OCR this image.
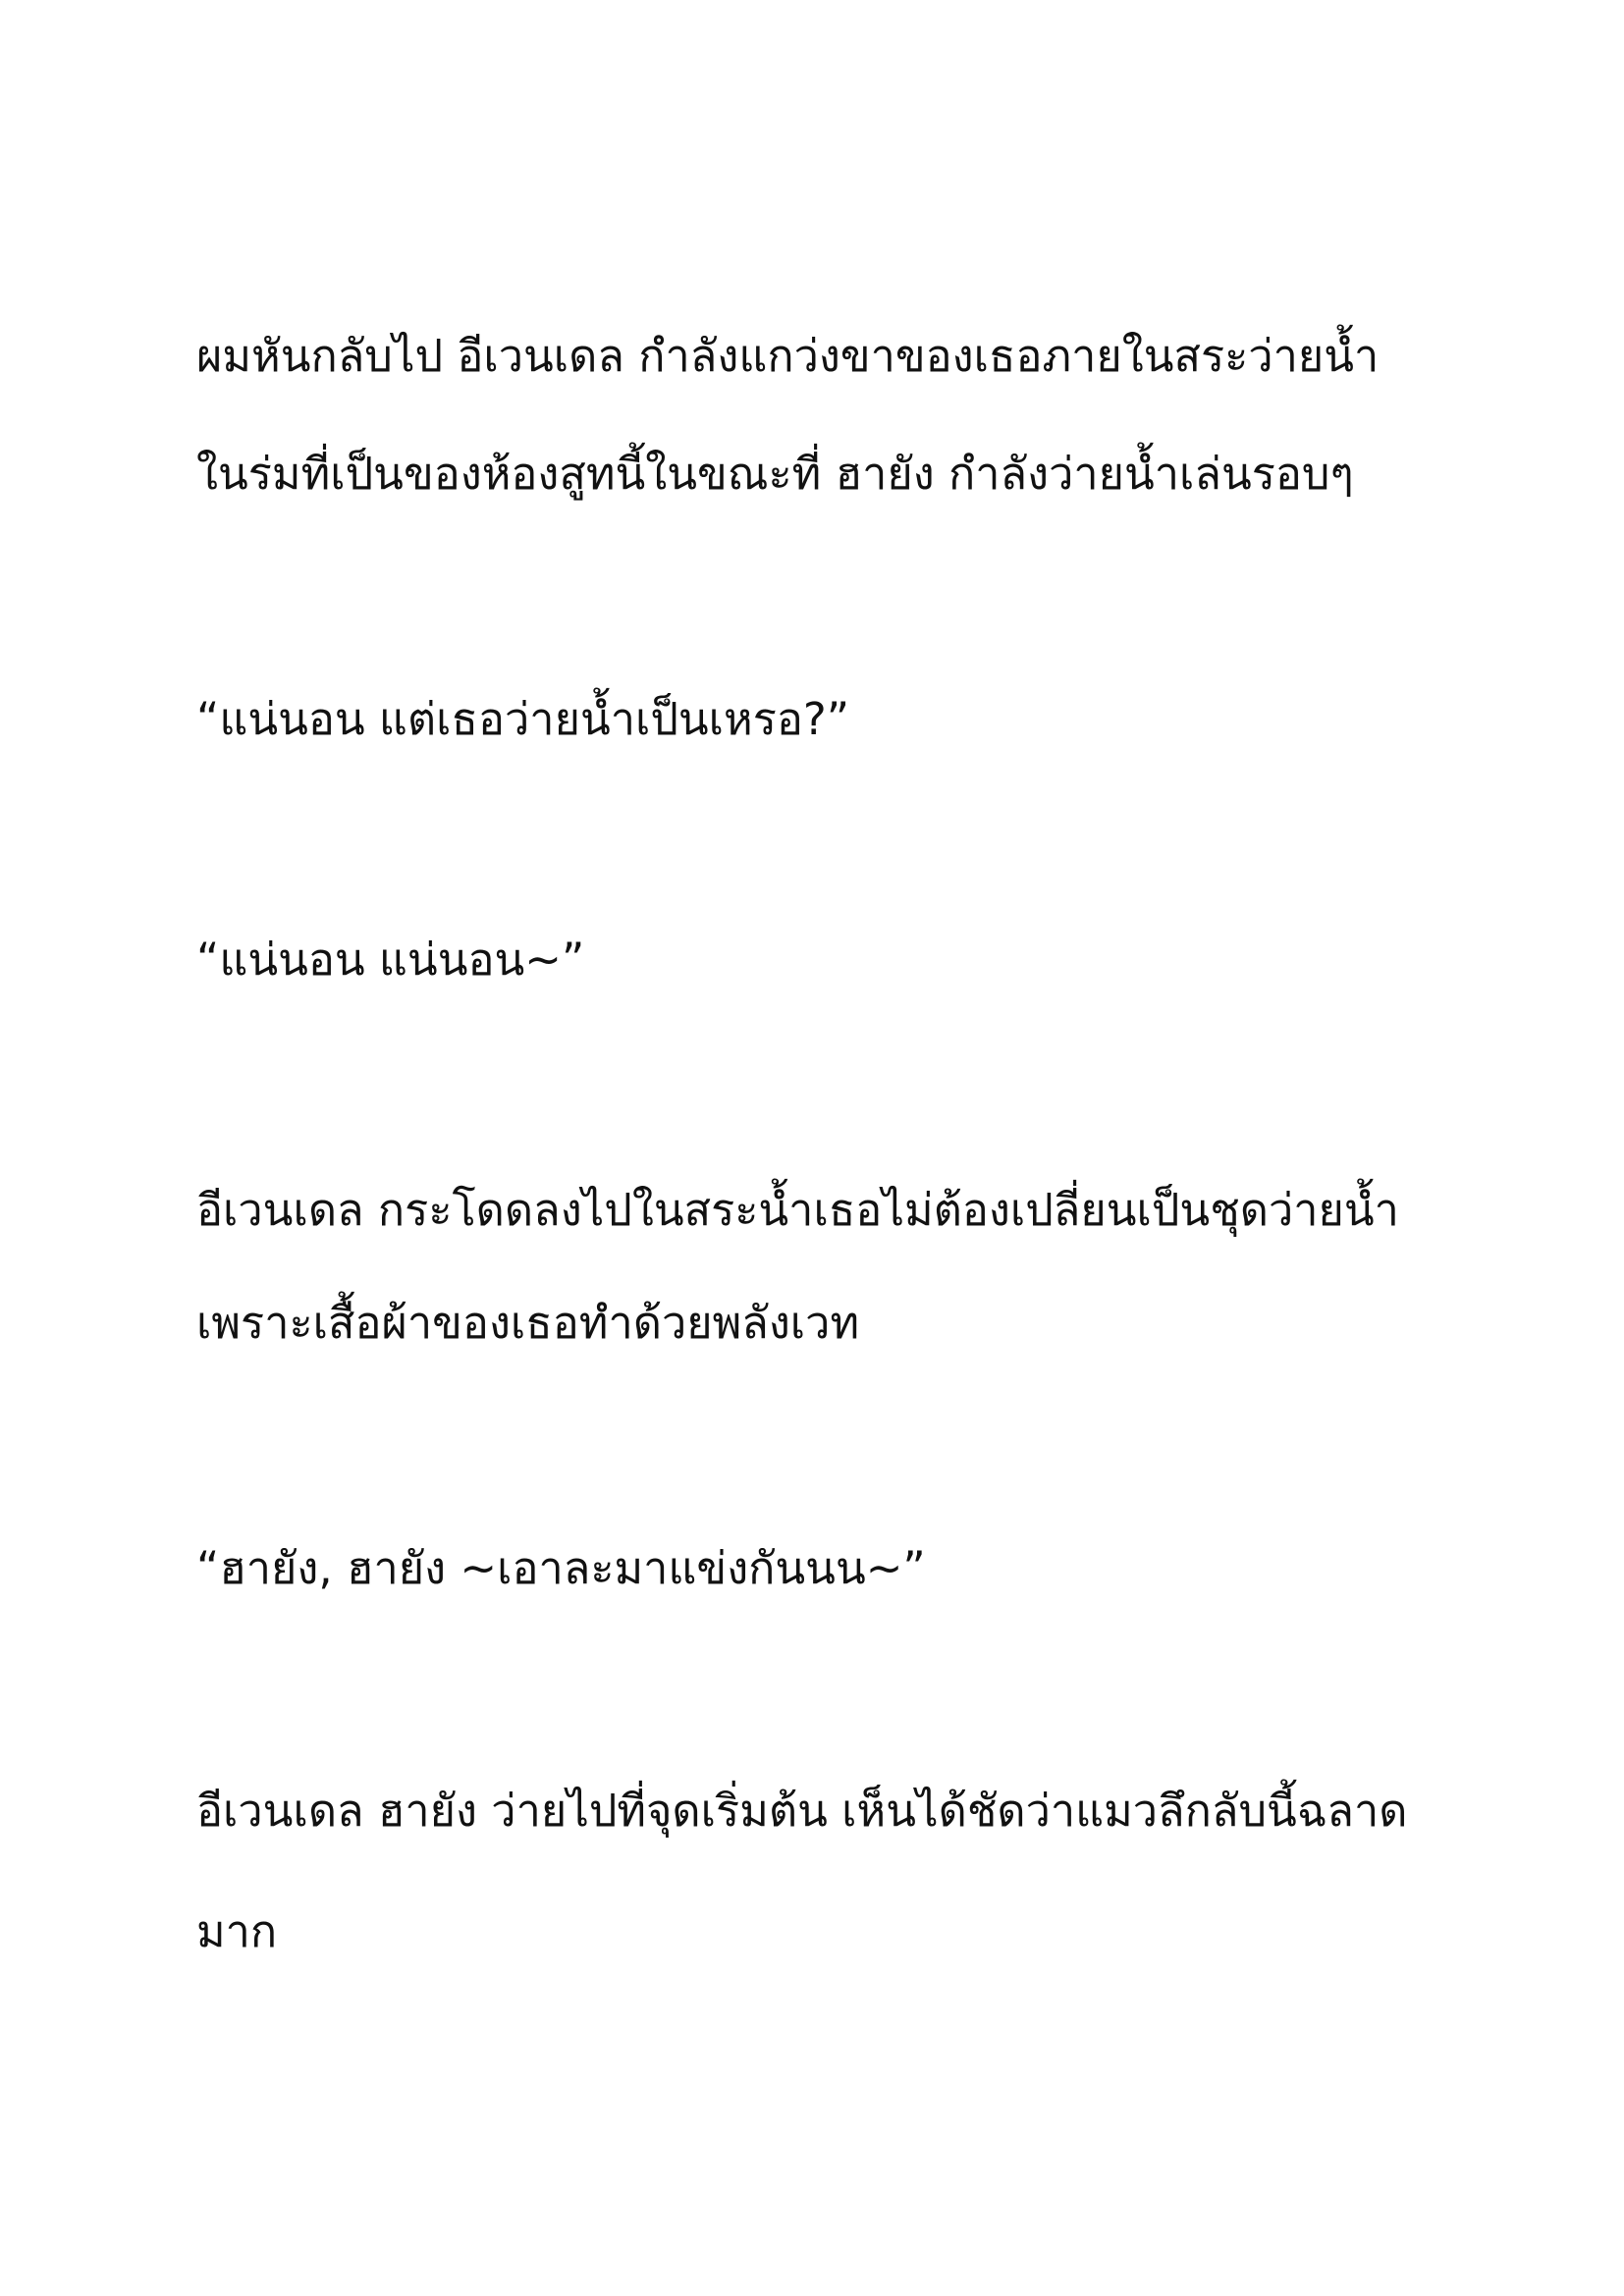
ผมหันกลับไป อีเวนเดล กำลังแกว่งขาของเธอภายในสระว่ายน้ำ
ในร่มที่เป็นของห้องสูทนี้ในขณะที่ ฮายัง กำลังว่ายน้ำเล่นรอบๆ
“แน่นอน แต่เธอว่ายน้ำเป็นเหรอ?”
“แน่นอน แน่นอน~”
อีเวนเดล กระโดดลงไปในสระน้ำเธอไม่ต้องเปลี่ยนเป็นชุดว่ายน้ำ
เพราะเสื้อผ้าของเธอทำด้วยพลังเวท
“ฮายัง, ฮายัง ~เอาละมาแข่งกันนน~”
อีเวนเดล ฮายัง ว่ายไปที่จุดเริ่มต้น เห็นได้ชัดว่าแมวลึกลับนี้ฉลาด
มาก
